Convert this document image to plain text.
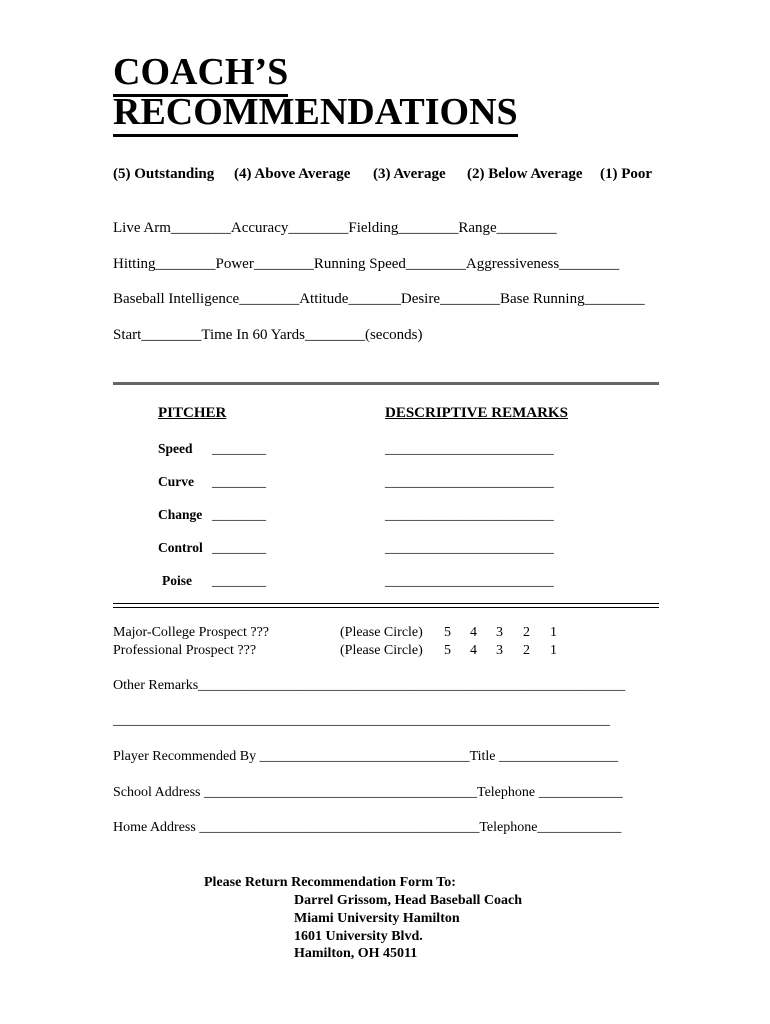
COACH’S
RECOMMENDATIONS
(5) Outstanding (4) Above Average (3) Average (2) Below Average (1) Poor
Live Arm________Accuracy________Fielding________Range________
Hitting________Power________Running Speed________Aggressiveness________
Baseball Intelligence________Attitude_______Desire________Base Running________
Start________Time In 60 Yards________(seconds)
PITCHER	DESCRIPTIVE REMARKS
Speed ________	_________________________
Curve ________	_________________________
Change ________	_________________________
Control ________	_________________________
Poise ________	_________________________
Major-College Prospect ???	(Please Circle) 5 4 3 2 1
Professional Prospect ???	(Please Circle) 5 4 3 2 1
Other Remarks_____________________________________________________________
_______________________________________________________________________
Player Recommended By ______________________________Title _________________
School Address _______________________________________Telephone ____________
Home Address ________________________________________Telephone____________
Please Return Recommendation Form To:
Darrel Grissom, Head Baseball Coach
Miami University Hamilton
1601 University Blvd.
Hamilton, OH 45011
